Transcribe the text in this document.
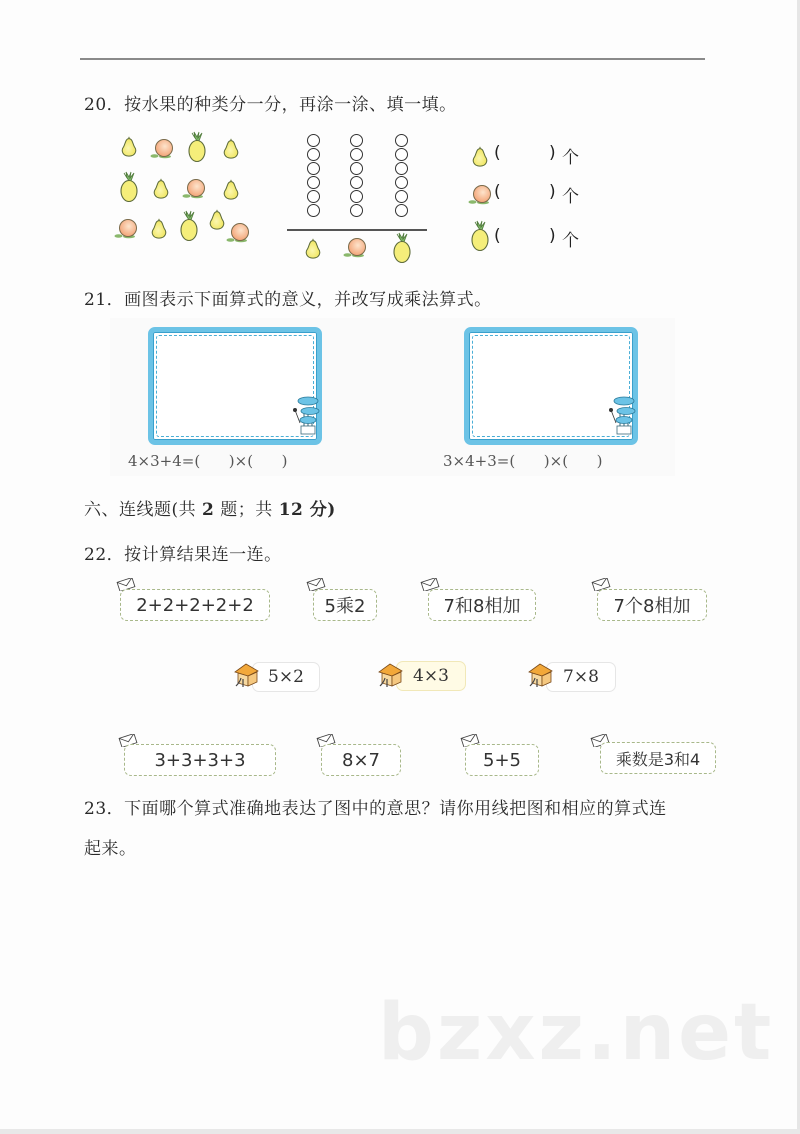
20．按水果的种类分一分，再涂一涂、填一填。
(	) 个
(	) 个
(	) 个
21．画图表示下面算式的意义，并改写成乘法算式。
4×3+4=(      )×(      )	3×4+3=(      )×(      )
六、连线题(共 2 题；共 12 分)
22．按计算结果连一连。
2+2+2+2+2	5乘2	7和8相加	7个8相加
5×2	4×3	7×8
3+3+3+3	8×7	5+5	乘数是3和4
23．下面哪个算式准确地表达了图中的意思？请你用线把图和相应的算式连
起来。
bzxz.net
